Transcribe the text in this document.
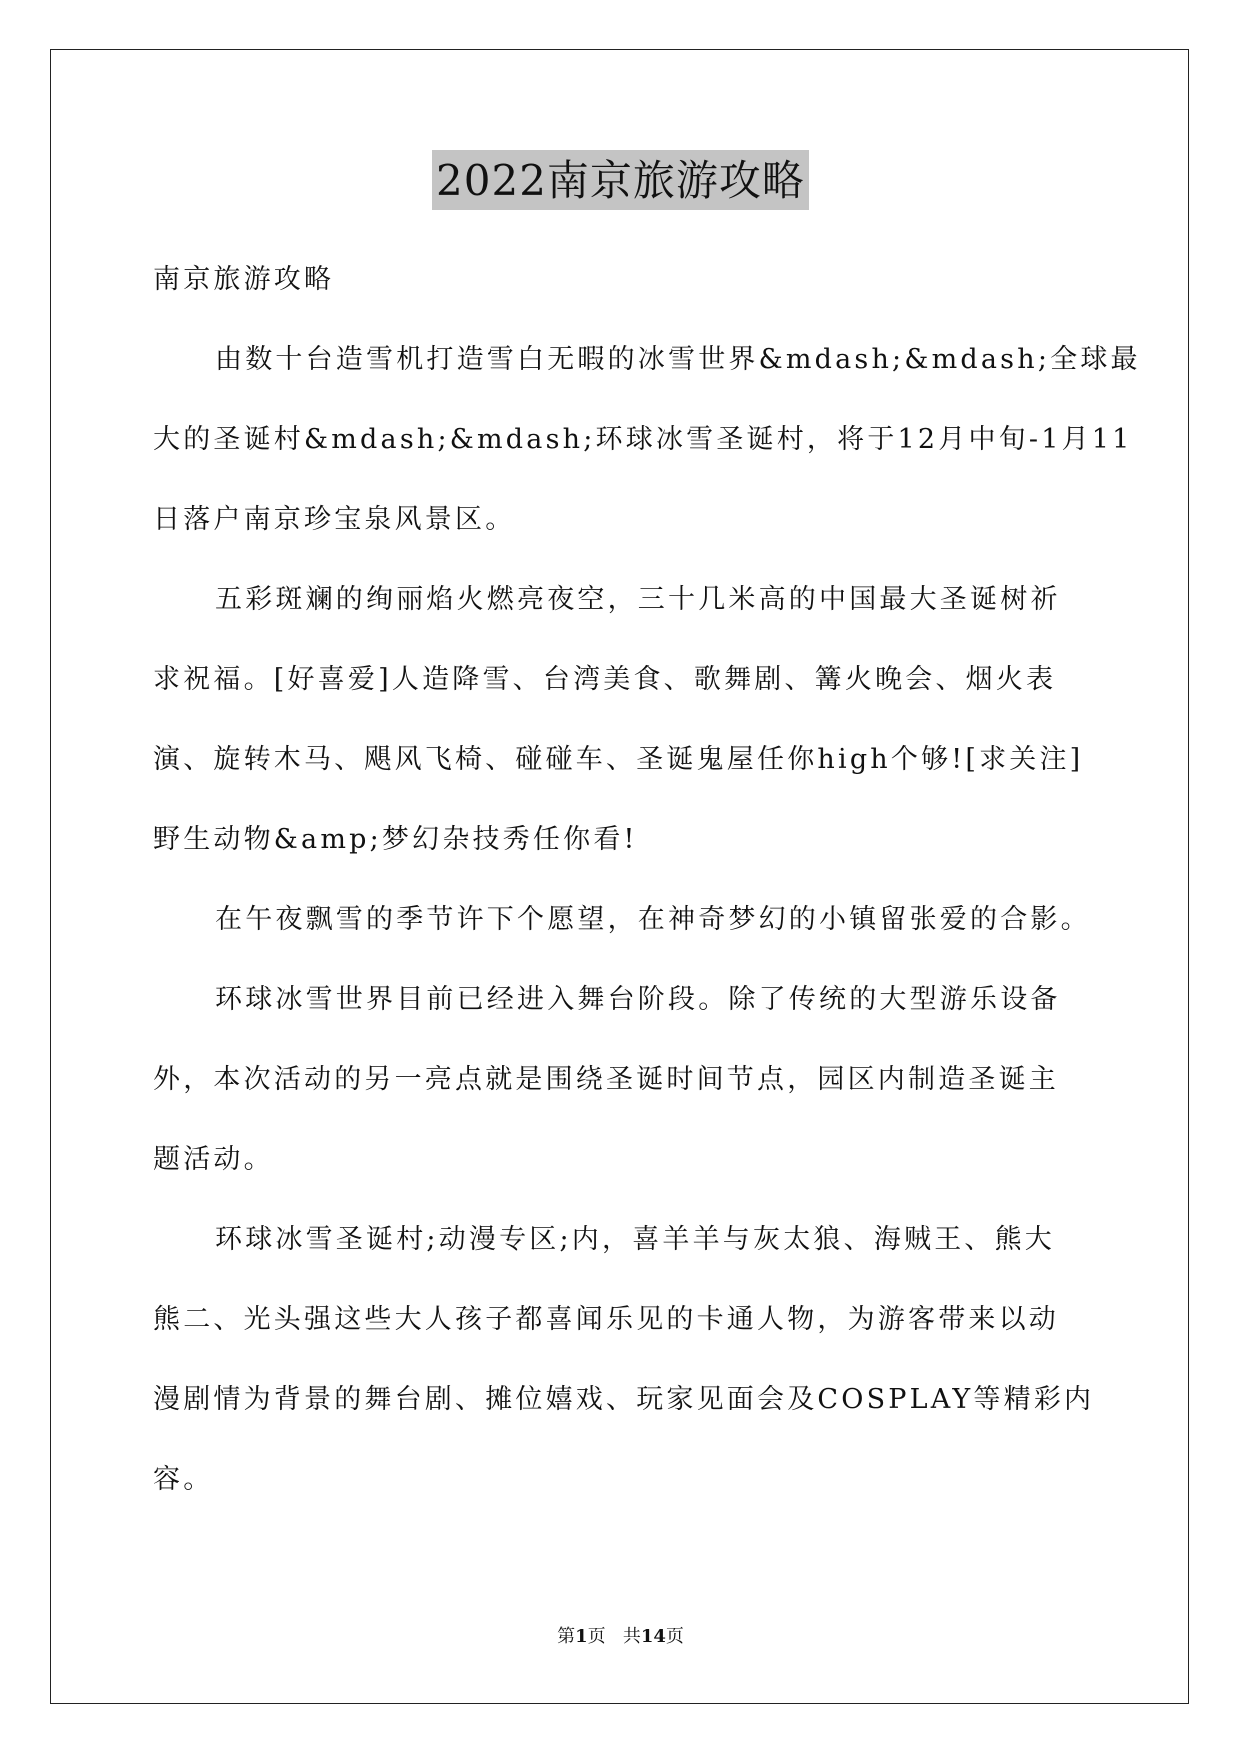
2022南京旅游攻略
南京旅游攻略
由数十台造雪机打造雪白无暇的冰雪世界&mdash;&mdash;全球最
大的圣诞村&mdash;&mdash;环球冰雪圣诞村，将于12月中旬-1月11
日落户南京珍宝泉风景区。
五彩斑斓的绚丽焰火燃亮夜空，三十几米高的中国最大圣诞树祈
求祝福。[好喜爱]人造降雪、台湾美食、歌舞剧、篝火晚会、烟火表
演、旋转木马、飓风飞椅、碰碰车、圣诞鬼屋任你high个够![求关注]
野生动物&amp;梦幻杂技秀任你看!
在午夜飘雪的季节许下个愿望，在神奇梦幻的小镇留张爱的合影。
环球冰雪世界目前已经进入舞台阶段。除了传统的大型游乐设备
外，本次活动的另一亮点就是围绕圣诞时间节点，园区内制造圣诞主
题活动。
环球冰雪圣诞村;动漫专区;内，喜羊羊与灰太狼、海贼王、熊大
熊二、光头强这些大人孩子都喜闻乐见的卡通人物，为游客带来以动
漫剧情为背景的舞台剧、摊位嬉戏、玩家见面会及COSPLAY等精彩内
容。
第1页 共14页
